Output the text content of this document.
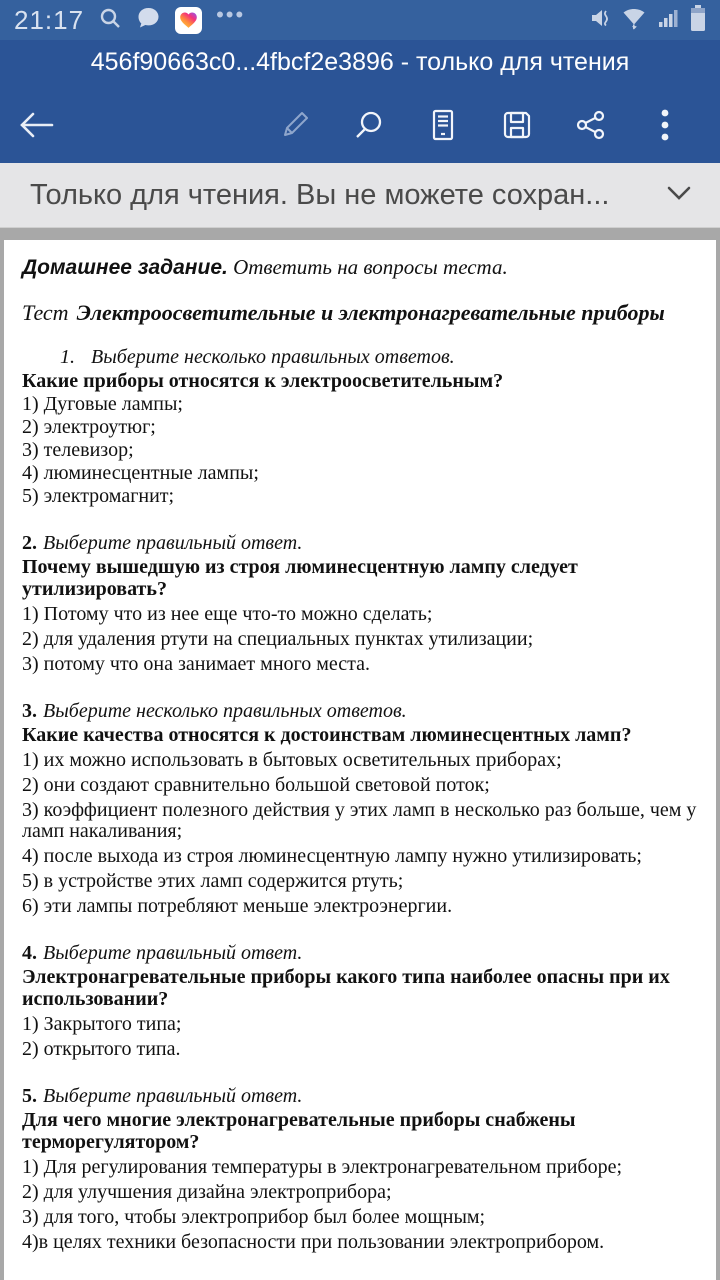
21:17	•••
456f90663c0...4fbcf2e3896 - только для чтения
Только для чтения. Вы не можете сохран...

Домашнее задание. Ответить на вопросы теста.

Тест Электроосветительные и электронагревательные приборы

1. Выберите несколько правильных ответов.

Какие приборы относятся к электроосветительным?

1) Дуговые лампы;

2) электроутюг;

3) телевизор;

4) люминесцентные лампы;

5) электромагнит;

2. Выберите правильный ответ.

Почему вышедшую из строя люминесцентную лампу следует утилизировать?

1) Потому что из нее еще что-то можно сделать;

2) для удаления ртути на специальных пунктах утилизации;

3) потому что она занимает много места.

3. Выберите несколько правильных ответов.

Какие качества относятся к достоинствам люминесцентных ламп?

1) их можно использовать в бытовых осветительных приборах;

2) они создают сравнительно большой световой поток;

3) коэффициент полезного действия у этих ламп в несколько раз больше, чем у ламп накаливания;

4) после выхода из строя люминесцентную лампу нужно утилизировать;

5) в устройстве этих ламп содержится ртуть;

6) эти лампы потребляют меньше электроэнергии.

4. Выберите правильный ответ.

Электронагревательные приборы какого типа наиболее опасны при их использовании?

1) Закрытого типа;

2) открытого типа.

5. Выберите правильный ответ.

Для чего многие электронагревательные приборы снабжены терморегулятором?

1) Для регулирования температуры в электронагревательном приборе;

2) для улучшения дизайна электроприбора;

3) для того, чтобы электроприбор был более мощным;

4)в целях техники безопасности при пользовании электроприбором.
